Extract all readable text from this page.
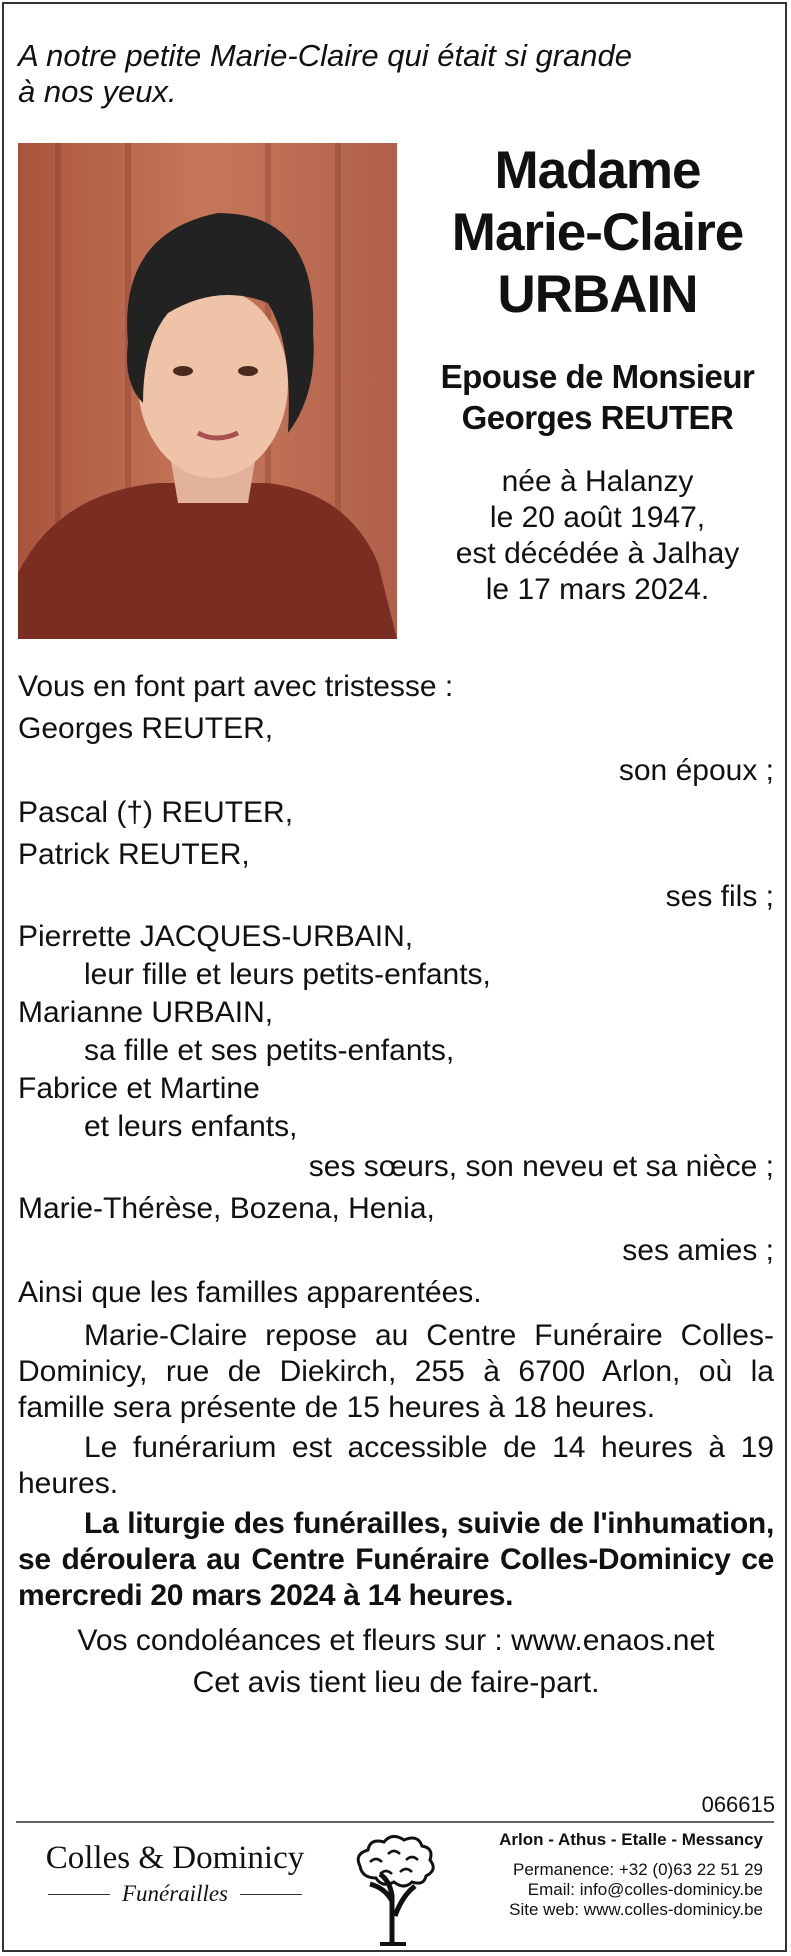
A notre petite Marie-Claire qui était si grande
à nos yeux.
Madame
Marie-Claire
URBAIN
Epouse de Monsieur
Georges REUTER
née à Halanzy
le 20 août 1947,
est décédée à Jalhay
le 17 mars 2024.
Vous en font part avec tristesse :
Georges REUTER,
son époux ;
Pascal (†) REUTER,
Patrick REUTER,
ses fils ;
Pierrette JACQUES-URBAIN,
leur fille et leurs petits-enfants,
Marianne URBAIN,
sa fille et ses petits-enfants,
Fabrice et Martine
et leurs enfants,
ses sœurs, son neveu et sa nièce ;
Marie-Thérèse, Bozena, Henia,
ses amies ;
Ainsi que les familles apparentées.
Marie-Claire repose au Centre Funéraire Colles-Dominicy, rue de Diekirch, 255 à 6700 Arlon, où la famille sera présente de 15 heures à 18 heures.
Le funérarium est accessible de 14 heures à 19 heures.
La liturgie des funérailles, suivie de l'inhumation, se déroulera au Centre Funéraire Colles-Dominicy ce mercredi 20 mars 2024 à 14 heures.
Vos condoléances et fleurs sur : www.enaos.net
Cet avis tient lieu de faire-part.
066615
Colles & Dominicy
Funérailles
Arlon - Athus - Etalle - Messancy
Permanence: +32 (0)63 22 51 29
Email: info@colles-dominicy.be
Site web: www.colles-dominicy.be
